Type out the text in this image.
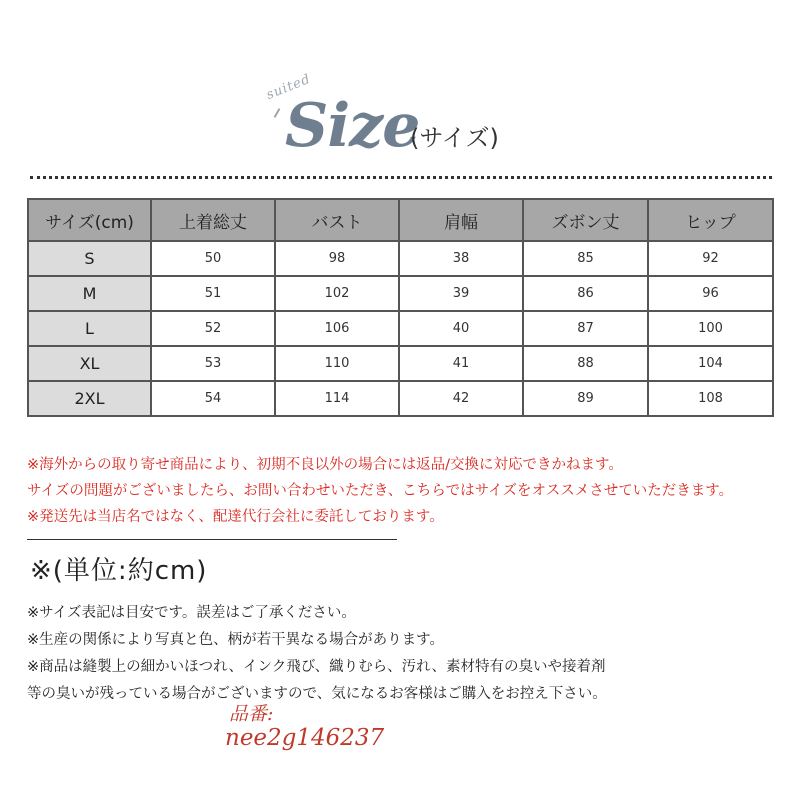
suited
Size
(サイズ)
サイズ(cm)	上着総丈	バスト	肩幅	ズボン丈	ヒップ
S	50	98	38	85	92
M	51	102	39	86	96
L	52	106	40	87	100
XL	53	110	41	88	104
2XL	54	114	42	89	108
※海外からの取り寄せ商品により、初期不良以外の場合には返品/交換に対応できかねます。
サイズの問題がございましたら、お問い合わせいただき、こちらではサイズをオススメさせていただきます。
※発送先は当店名ではなく、配達代行会社に委託しております。
※(単位:約cm)
※サイズ表記は目安です。誤差はご了承ください。
※生産の関係により写真と色、柄が若干異なる場合があります。
※商品は縫製上の細かいほつれ、インク飛び、織りむら、汚れ、素材特有の臭いや接着剤
等の臭いが残っている場合がございますので、気になるお客様はご購入をお控え下さい。
品番:
nee2g146237
